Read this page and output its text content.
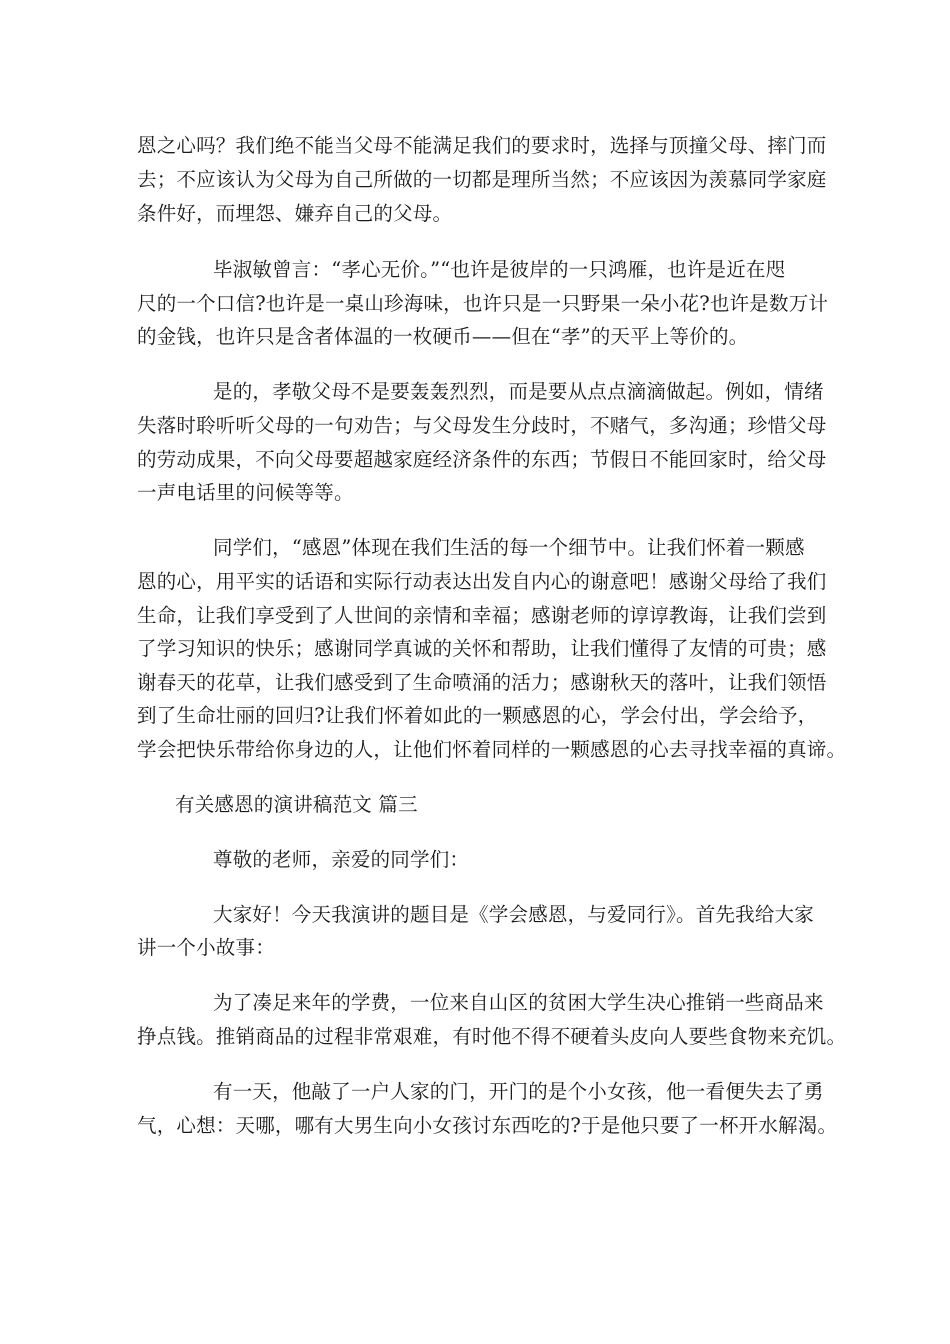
恩之心吗？我们绝不能当父母不能满足我们的要求时，选择与顶撞父母、摔门而
去；不应该认为父母为自己所做的一切都是理所当然；不应该因为羡慕同学家庭
条件好，而埋怨、嫌弃自己的父母。
毕淑敏曾言：“孝心无价。”“也许是彼岸的一只鸿雁，也许是近在咫
尺的一个口信?也许是一桌山珍海味，也许只是一只野果一朵小花?也许是数万计
的金钱，也许只是含者体温的一枚硬币——但在“孝”的天平上等价的。
是的，孝敬父母不是要轰轰烈烈，而是要从点点滴滴做起。例如，情绪
失落时聆听听父母的一句劝告；与父母发生分歧时，不赌气，多沟通；珍惜父母
的劳动成果，不向父母要超越家庭经济条件的东西；节假日不能回家时，给父母
一声电话里的问候等等。
同学们，“感恩”体现在我们生活的每一个细节中。让我们怀着一颗感
恩的心，用平实的话语和实际行动表达出发自内心的谢意吧！感谢父母给了我们
生命，让我们享受到了人世间的亲情和幸福；感谢老师的谆谆教诲，让我们尝到
了学习知识的快乐；感谢同学真诚的关怀和帮助，让我们懂得了友情的可贵；感
谢春天的花草，让我们感受到了生命喷涌的活力；感谢秋天的落叶，让我们领悟
到了生命壮丽的回归?让我们怀着如此的一颗感恩的心，学会付出，学会给予，
学会把快乐带给你身边的人，让他们怀着同样的一颗感恩的心去寻找幸福的真谛。
有关感恩的演讲稿范文 篇三
尊敬的老师，亲爱的同学们：
大家好！今天我演讲的题目是《学会感恩，与爱同行》。首先我给大家
讲一个小故事：
为了凑足来年的学费，一位来自山区的贫困大学生决心推销一些商品来
挣点钱。推销商品的过程非常艰难，有时他不得不硬着头皮向人要些食物来充饥。
有一天，他敲了一户人家的门，开门的是个小女孩，他一看便失去了勇
气，心想：天哪，哪有大男生向小女孩讨东西吃的?于是他只要了一杯开水解渴。
